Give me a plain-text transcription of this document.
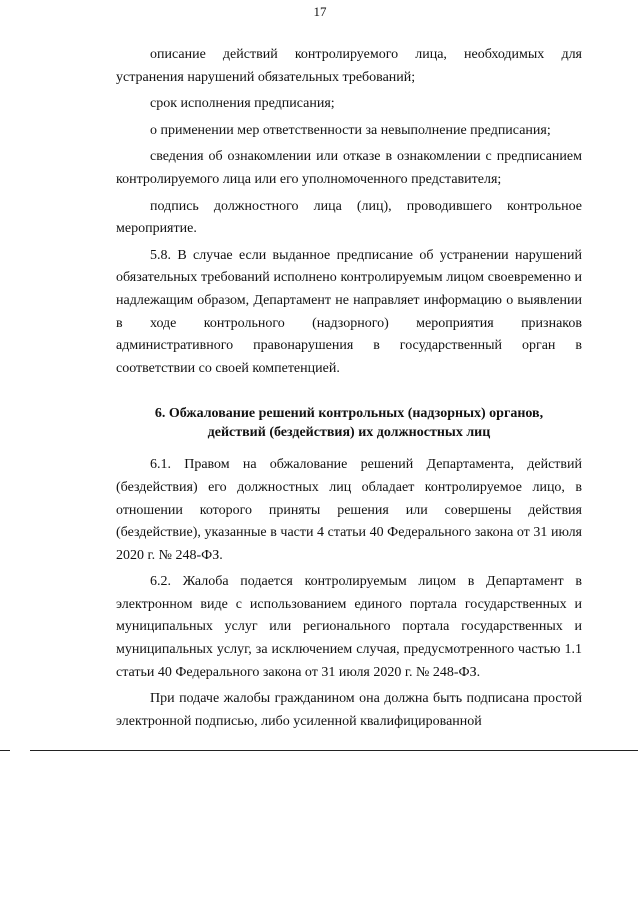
17

описание действий контролируемого лица, необходимых для устранения нарушений обязательных требований;

срок исполнения предписания;

о применении мер ответственности за невыполнение предписания;

сведения об ознакомлении или отказе в ознакомлении с предписанием контролируемого лица или его уполномоченного представителя;

подпись должностного лица (лиц), проводившего контрольное мероприятие.

5.8. В случае если выданное предписание об устранении нарушений обязательных требований исполнено контролируемым лицом своевременно и надлежащим образом, Департамент не направляет информацию о выявлении в ходе контрольного (надзорного) мероприятия признаков административного правонарушения в государственный орган в соответствии со своей компетенцией.

6. Обжалование решений контрольных (надзорных) органов,
действий (бездействия) их должностных лиц

6.1. Правом на обжалование решений Департамента, действий (бездействия) его должностных лиц обладает контролируемое лицо, в отношении которого приняты решения или совершены действия (бездействие), указанные в части 4 статьи 40 Федерального закона от 31 июля 2020 г. № 248-ФЗ.

6.2. Жалоба подается контролируемым лицом в Департамент в электронном виде с использованием единого портала государственных и муниципальных услуг или регионального портала государственных и муниципальных услуг, за исключением случая, предусмотренного частью 1.1 статьи 40 Федерального закона от 31 июля 2020 г. № 248-ФЗ.

При подаче жалобы гражданином она должна быть подписана простой электронной подписью, либо усиленной квалифицированной
